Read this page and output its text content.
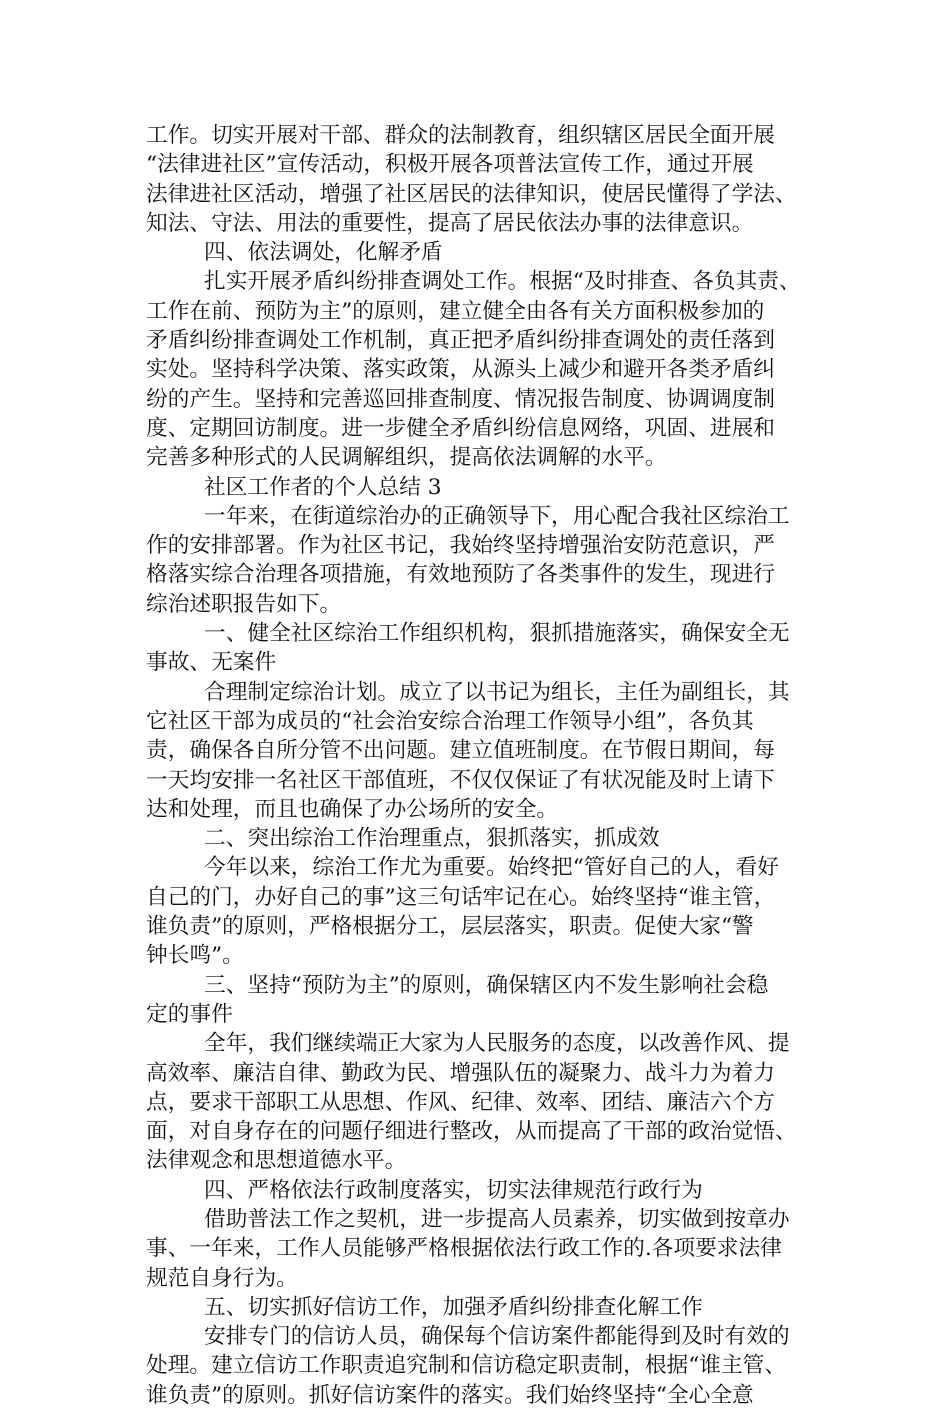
工作。切实开展对干部、群众的法制教育，组织辖区居民全面开展
“法律进社区”宣传活动，积极开展各项普法宣传工作，通过开展
法律进社区活动，增强了社区居民的法律知识，使居民懂得了学法、
知法、守法、用法的重要性，提高了居民依法办事的法律意识。
四、依法调处，化解矛盾
扎实开展矛盾纠纷排查调处工作。根据“及时排查、各负其责、
工作在前、预防为主”的原则，建立健全由各有关方面积极参加的
矛盾纠纷排查调处工作机制，真正把矛盾纠纷排查调处的责任落到
实处。坚持科学决策、落实政策，从源头上减少和避开各类矛盾纠
纷的产生。坚持和完善巡回排查制度、情况报告制度、协调调度制
度、定期回访制度。进一步健全矛盾纠纷信息网络，巩固、进展和
完善多种形式的人民调解组织，提高依法调解的水平。
社区工作者的个人总结 3
一年来，在街道综治办的正确领导下，用心配合我社区综治工
作的安排部署。作为社区书记，我始终坚持增强治安防范意识，严
格落实综合治理各项措施，有效地预防了各类事件的发生，现进行
综治述职报告如下。
一、健全社区综治工作组织机构，狠抓措施落实，确保安全无
事故、无案件
合理制定综治计划。成立了以书记为组长，主任为副组长，其
它社区干部为成员的“社会治安综合治理工作领导小组”，各负其
责，确保各自所分管不出问题。建立值班制度。在节假日期间，每
一天均安排一名社区干部值班，不仅仅保证了有状况能及时上请下
达和处理，而且也确保了办公场所的安全。
二、突出综治工作治理重点，狠抓落实，抓成效
今年以来，综治工作尤为重要。始终把“管好自己的人，看好
自己的门，办好自己的事”这三句话牢记在心。始终坚持“谁主管，
谁负责”的原则，严格根据分工，层层落实，职责。促使大家“警
钟长鸣”。
三、坚持“预防为主”的原则，确保辖区内不发生影响社会稳
定的事件
全年，我们继续端正大家为人民服务的态度，以改善作风、提
高效率、廉洁自律、勤政为民、增强队伍的凝聚力、战斗力为着力
点，要求干部职工从思想、作风、纪律、效率、团结、廉洁六个方
面，对自身存在的问题仔细进行整改，从而提高了干部的政治觉悟、
法律观念和思想道德水平。
四、严格依法行政制度落实，切实法律规范行政行为
借助普法工作之契机，进一步提高人员素养，切实做到按章办
事、一年来，工作人员能够严格根据依法行政工作的.各项要求法律
规范自身行为。
五、切实抓好信访工作，加强矛盾纠纷排查化解工作
安排专门的信访人员，确保每个信访案件都能得到及时有效的
处理。建立信访工作职责追究制和信访稳定职责制，根据“谁主管、
谁负责”的原则。抓好信访案件的落实。我们始终坚持“全心全意
